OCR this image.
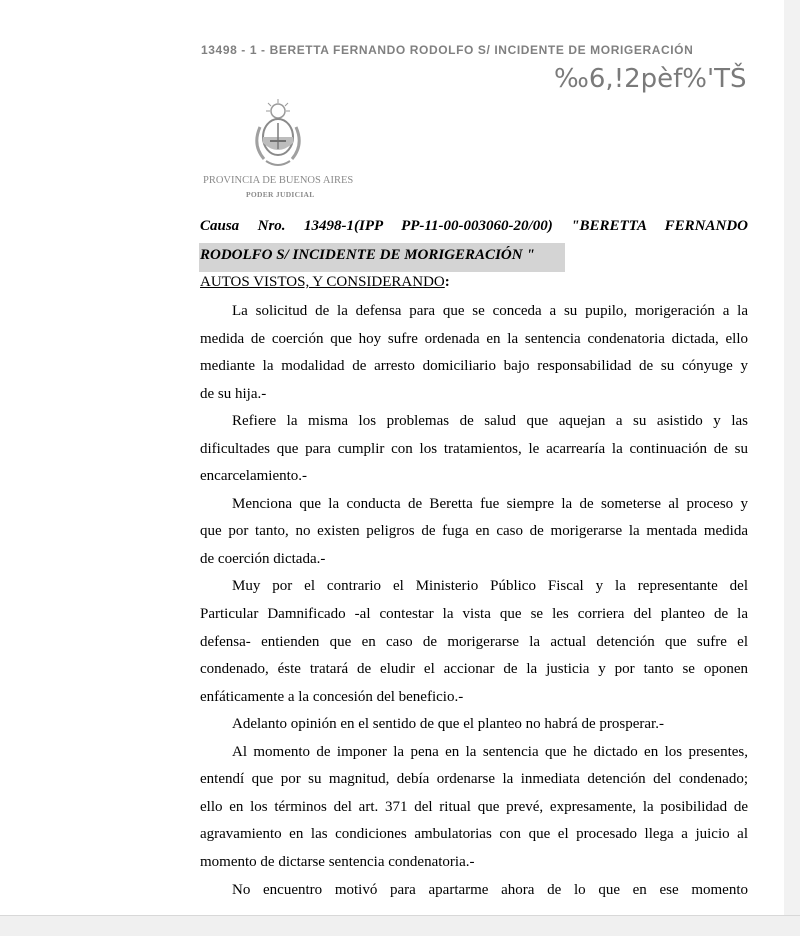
13498 - 1 - BERETTA FERNANDO RODOLFO S/ INCIDENTE DE MORIGERACIÓN
‰6,!2pèf%'TŠ
PROVINCIA DE BUENOS AIRES
PODER JUDICIAL
Causa Nro. 13498-1(IPP PP-11-00-003060-20/00) "BERETTA FERNANDO
RODOLFO S/ INCIDENTE DE MORIGERACIÓN "
AUTOS VISTOS, Y CONSIDERANDO:
La solicitud de la defensa para que se conceda a su pupilo, morigeración a la
medida de coerción que hoy sufre ordenada en la sentencia condenatoria dictada, ello
mediante la modalidad de arresto domiciliario bajo responsabilidad de su cónyuge y
de su hija.-
Refiere la misma los problemas de salud que aquejan a su asistido y las
dificultades que para cumplir con los tratamientos, le acarrearía la continuación de su
encarcelamiento.-
Menciona que la conducta de Beretta fue siempre la de someterse al proceso y
que por tanto, no existen peligros de fuga en caso de morigerarse la mentada medida
de coerción dictada.-
Muy por el contrario el Ministerio Público Fiscal y la representante del
Particular Damnificado -al contestar la vista que se les corriera del planteo de la
defensa- entienden que en caso de morigerarse la actual detención que sufre el
condenado, éste tratará de eludir el accionar de la justicia y por tanto se oponen
enfáticamente a la concesión del beneficio.-
Adelanto opinión en el sentido de que el planteo no habrá de prosperar.-
Al momento de imponer la pena en la sentencia que he dictado en los presentes,
entendí que por su magnitud, debía ordenarse la inmediata detención del condenado;
ello en los términos del art. 371 del ritual que prevé, expresamente, la posibilidad de
agravamiento en las condiciones ambulatorias con que el procesado llega a juicio al
momento de dictarse sentencia condenatoria.-
No encuentro motivó para apartarme ahora de lo que en ese momento
